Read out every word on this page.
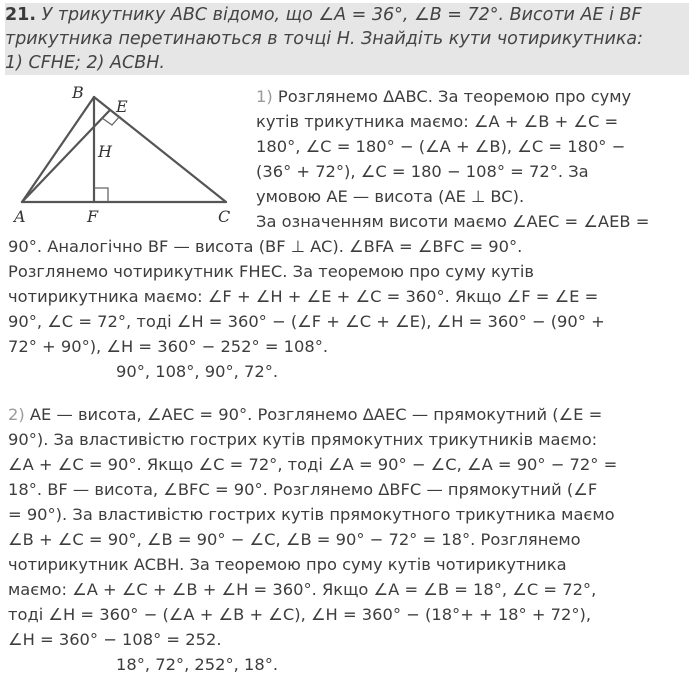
21. У трикутнику ABC відомо, що ∠A = 36°, ∠B = 72°. Висоти AE і BF
трикутника перетинаються в точці H. Знайдіть кути чотирикутника:
1) CFHE; 2) ACBH.
B
E
H
A	F	C
1) Розглянемо ΔABC. За теоремою про суму
кутів трикутника маємо: ∠A + ∠B + ∠C =
180°, ∠C = 180° − (∠A + ∠B), ∠C = 180° −
(36° + 72°), ∠C = 180 − 108° = 72°. За
умовою AE — висота (AE ⊥ BC).
За означенням висоти маємо ∠AEC = ∠AEB =
90°. Аналогічно BF — висота (BF ⊥ AC). ∠BFA = ∠BFC = 90°.
Розглянемо чотирикутник FHEC. За теоремою про суму кутів
чотирикутника маємо: ∠F + ∠H + ∠E + ∠C = 360°. Якщо ∠F = ∠E =
90°, ∠C = 72°, тоді ∠H = 360° − (∠F + ∠C + ∠E), ∠H = 360° − (90° +
72° + 90°), ∠H = 360° − 252° = 108°.
90°, 108°, 90°, 72°.
2) AE — висота, ∠AEC = 90°. Розглянемо ΔAEC — прямокутний (∠E =
90°). За властивістю гострих кутів прямокутних трикутників маємо:
∠A + ∠C = 90°. Якщо ∠C = 72°, тоді ∠A = 90° − ∠C, ∠A = 90° − 72° =
18°. BF — висота, ∠BFC = 90°. Розглянемо ΔBFC — прямокутний (∠F
= 90°). За властивістю гострих кутів прямокутного трикутника маємо
∠B + ∠C = 90°, ∠B = 90° − ∠C, ∠B = 90° − 72° = 18°. Розглянемо
чотирикутник ACBH. За теоремою про суму кутів чотирикутника
маємо: ∠A + ∠C + ∠B + ∠H = 360°. Якщо ∠A = ∠B = 18°, ∠C = 72°,
тоді ∠H = 360° − (∠A + ∠B + ∠C), ∠H = 360° − (18°+ + 18° + 72°),
∠H = 360° − 108° = 252.
18°, 72°, 252°, 18°.
